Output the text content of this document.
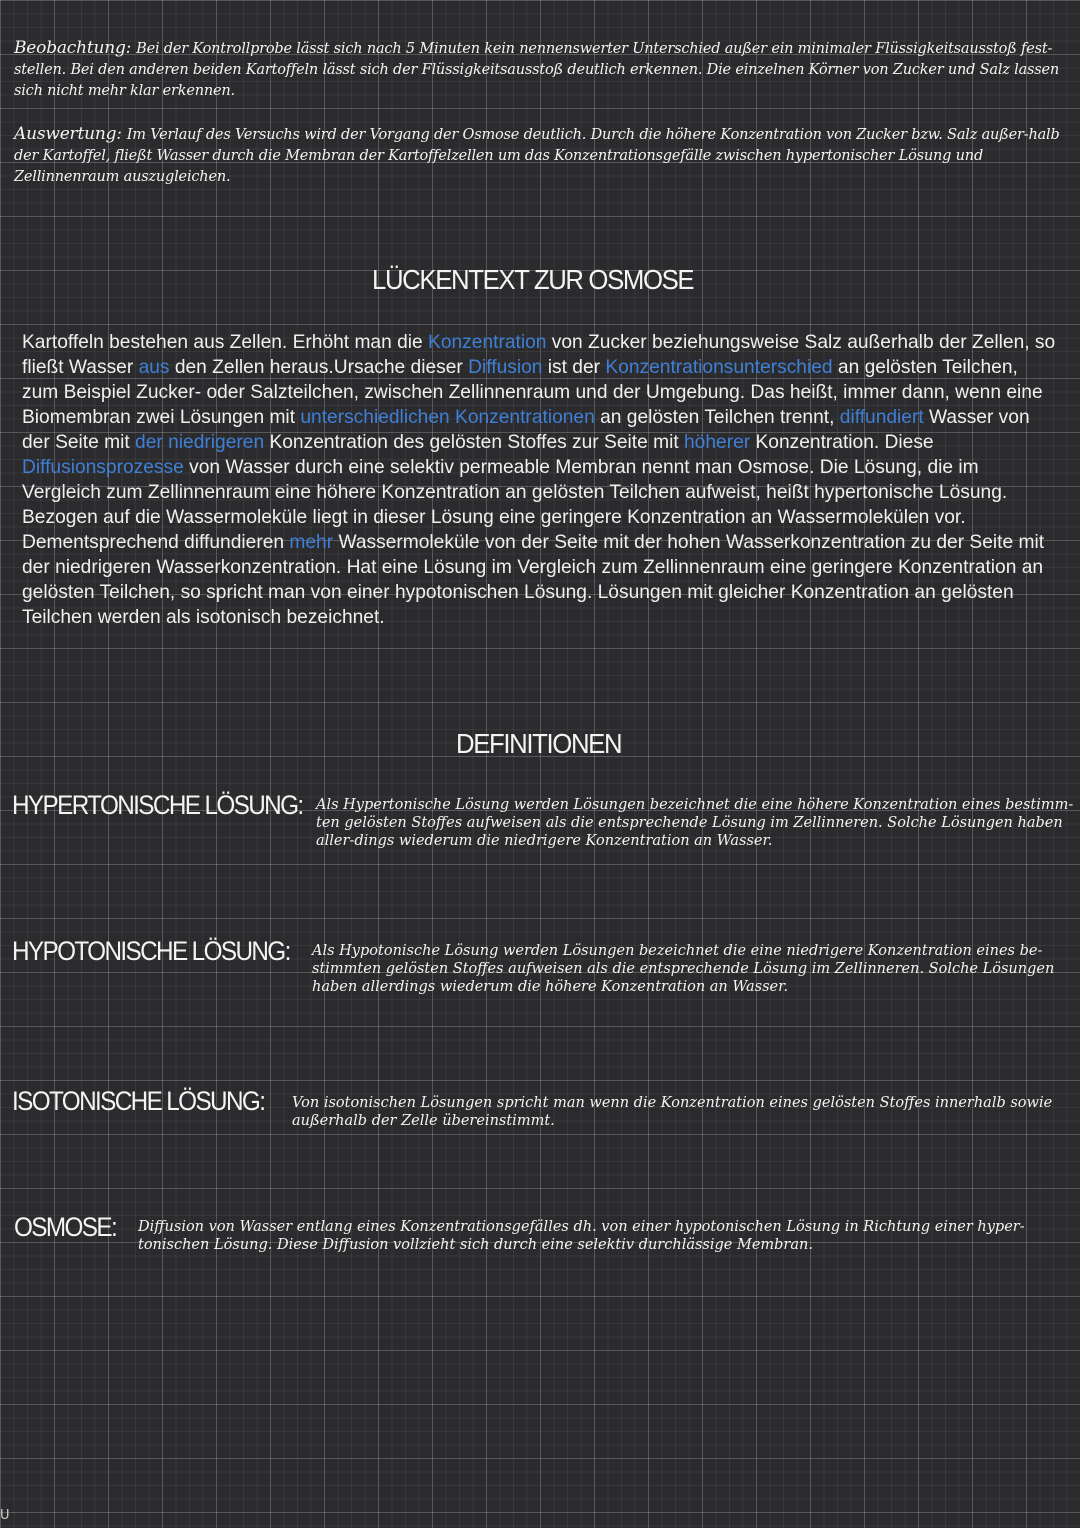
Beobachtung: Bei der Kontrollprobe lässt sich nach 5 Minuten kein nennenswerter Unterschied außer ein minimaler Flüssigkeitsausstoß fest-stellen. Bei den anderen beiden Kartoffeln lässt sich der Flüssigkeitsausstoß deutlich erkennen. Die einzelnen Körner von Zucker und Salz lassen sich nicht mehr klar erkennen.
Auswertung: Im Verlauf des Versuchs wird der Vorgang der Osmose deutlich. Durch die höhere Konzentration von Zucker bzw. Salz außer-halb der Kartoffel, fließt Wasser durch die Membran der Kartoffelzellen um das Konzentrationsgefälle zwischen hypertonischer Lösung und Zellinnenraum auszugleichen.
LÜCKENTEXT ZUR OSMOSE
Kartoffeln bestehen aus Zellen. Erhöht man die Konzentration von Zucker beziehungsweise Salz außerhalb der Zellen, so fließt Wasser aus den Zellen heraus.Ursache dieser Diffusion ist der Konzentrationsunterschied an gelösten Teilchen, zum Beispiel Zucker- oder Salzteilchen, zwischen Zellinnenraum und der Umgebung. Das heißt, immer dann, wenn eine Biomembran zwei Lösungen mit unterschiedlichen Konzentrationen an gelösten Teilchen trennt, diffundiert Wasser von der Seite mit der niedrigeren Konzentration des gelösten Stoffes zur Seite mit höherer Konzentration. Diese Diffusionsprozesse von Wasser durch eine selektiv permeable Membran nennt man Osmose. Die Lösung, die im Vergleich zum Zellinnenraum eine höhere Konzentration an gelösten Teilchen aufweist, heißt hypertonische Lösung. Bezogen auf die Wassermoleküle liegt in dieser Lösung eine geringere Konzentration an Wassermolekülen vor. Dementsprechend diffundieren mehr Wassermoleküle von der Seite mit der hohen Wasserkonzentration zu der Seite mit der niedrigeren Wasserkonzentration. Hat eine Lösung im Vergleich zum Zellinnenraum eine geringere Konzentration an gelösten Teilchen, so spricht man von einer hypotonischen Lösung. Lösungen mit gleicher Konzentration an gelösten Teilchen werden als isotonisch bezeichnet.
DEFINITIONEN
HYPERTONISCHE LÖSUNG: Als Hypertonische Lösung werden Lösungen bezeichnet die eine höhere Konzentration eines bestimm-ten gelösten Stoffes aufweisen als die entsprechende Lösung im Zellinneren. Solche Lösungen haben aller-dings wiederum die niedrigere Konzentration an Wasser.
HYPOTONISCHE LÖSUNG: Als Hypotonische Lösung werden Lösungen bezeichnet die eine niedrigere Konzentration eines be-stimmten gelösten Stoffes aufweisen als die entsprechende Lösung im Zellinneren. Solche Lösungen haben allerdings wiederum die höhere Konzentration an Wasser.
ISOTONISCHE LÖSUNG: Von isotonischen Lösungen spricht man wenn die Konzentration eines gelösten Stoffes innerhalb sowie außerhalb der Zelle übereinstimmt.
OSMOSE: Diffusion von Wasser entlang eines Konzentrationsgefälles dh. von einer hypotonischen Lösung in Richtung einer hyper-tonischen Lösung. Diese Diffusion vollzieht sich durch eine selektiv durchlässige Membran.
U
